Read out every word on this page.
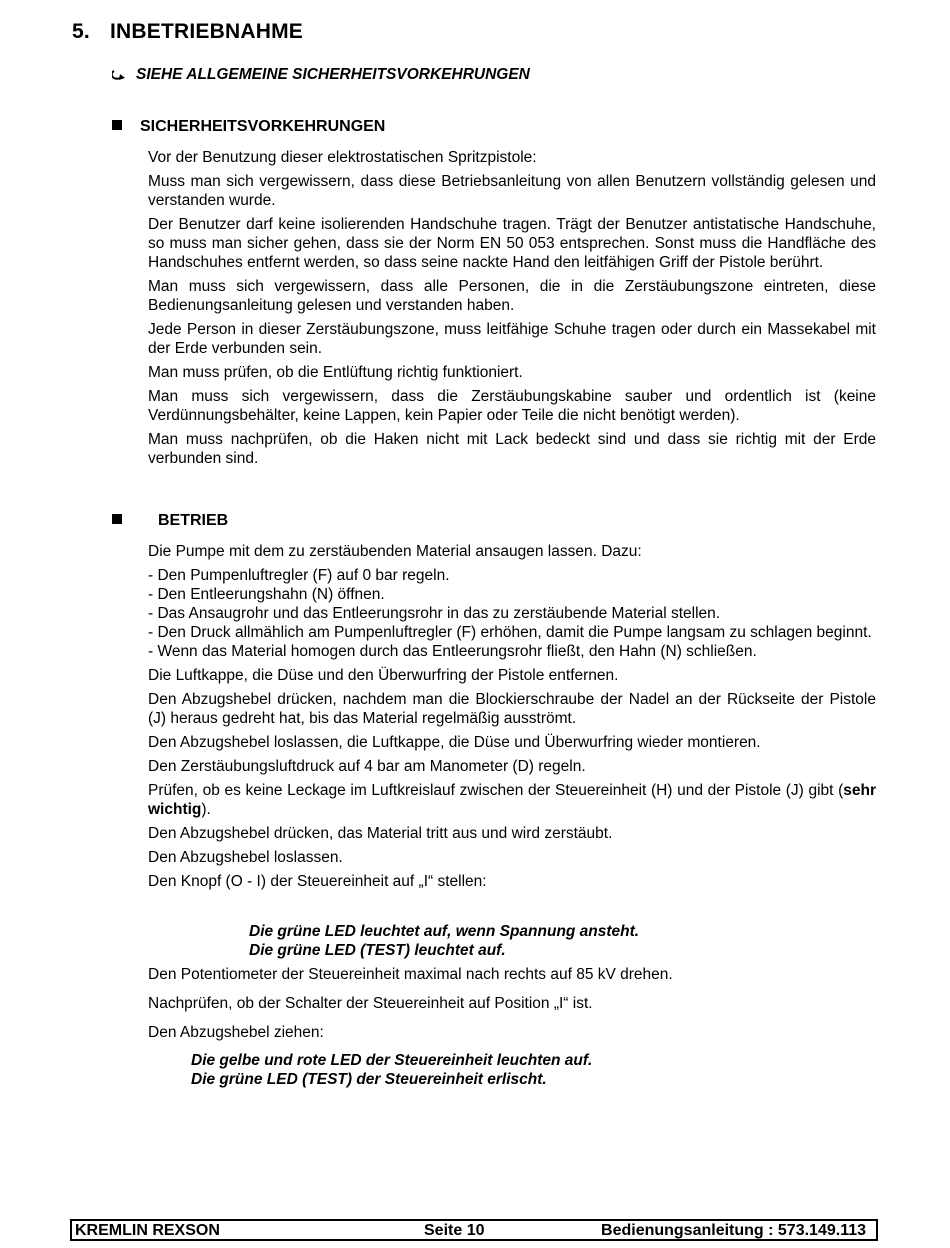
5. INBETRIEBNAHME
SIEHE ALLGEMEINE SICHERHEITSVORKEHRUNGEN
SICHERHEITSVORKEHRUNGEN

Vor der Benutzung dieser elektrostatischen Spritzpistole:

Muss man sich vergewissern, dass diese Betriebsanleitung von allen Benutzern vollständig gelesen und verstanden wurde.

Der Benutzer darf keine isolierenden Handschuhe tragen. Trägt der Benutzer antistatische Handschuhe, so muss man sicher gehen, dass sie der Norm EN 50 053 entsprechen. Sonst muss die Handfläche des Handschuhes entfernt werden, so dass seine nackte Hand den leitfähigen Griff der Pistole berührt.

Man muss sich vergewissern, dass alle Personen, die in die Zerstäubungszone eintreten, diese Bedienungsanleitung gelesen und verstanden haben.

Jede Person in dieser Zerstäubungszone, muss leitfähige Schuhe tragen oder durch ein Massekabel mit der Erde verbunden sein.

Man muss prüfen, ob die Entlüftung richtig funktioniert.

Man muss sich vergewissern, dass die Zerstäubungskabine sauber und ordentlich ist (keine Verdünnungsbehälter, keine Lappen, kein Papier oder Teile die nicht benötigt werden).

Man muss nachprüfen, ob die Haken nicht mit Lack bedeckt sind und dass sie richtig mit der Erde verbunden sind.

BETRIEB

Die Pumpe mit dem zu zerstäubenden Material ansaugen lassen. Dazu:

- Den Pumpenluftregler (F) auf 0 bar regeln.
- Den Entleerungshahn (N) öffnen.
- Das Ansaugrohr und das Entleerungsrohr in das zu zerstäubende Material stellen.
- Den Druck allmählich am Pumpenluftregler (F) erhöhen, damit die Pumpe langsam zu schlagen beginnt.
- Wenn das Material homogen durch das Entleerungsrohr fließt, den Hahn (N) schließen.

Die Luftkappe, die Düse und den Überwurfring der Pistole entfernen.

Den Abzugshebel drücken, nachdem man die Blockierschraube der Nadel an der Rückseite der Pistole (J) heraus gedreht hat, bis das Material regelmäßig ausströmt.

Den Abzugshebel loslassen, die Luftkappe, die Düse und Überwurfring wieder montieren.

Den Zerstäubungsluftdruck auf 4 bar am Manometer (D) regeln.

Prüfen, ob es keine Leckage im Luftkreislauf zwischen der Steuereinheit (H) und der Pistole (J) gibt (sehr wichtig).

Den Abzugshebel drücken, das Material tritt aus und wird zerstäubt.

Den Abzugshebel loslassen.

Den Knopf (O - I) der Steuereinheit auf „I“ stellen:

Die grüne LED leuchtet auf, wenn Spannung ansteht.
Die grüne LED (TEST) leuchtet auf.

Den Potentiometer der Steuereinheit maximal nach rechts auf 85 kV drehen.

Nachprüfen, ob der Schalter der Steuereinheit auf Position „I“ ist.

Den Abzugshebel ziehen:

Die gelbe und rote LED der Steuereinheit leuchten auf.
Die grüne LED (TEST) der Steuereinheit erlischt.
KREMLIN REXSON	Seite 10	Bedienungsanleitung : 573.149.113
